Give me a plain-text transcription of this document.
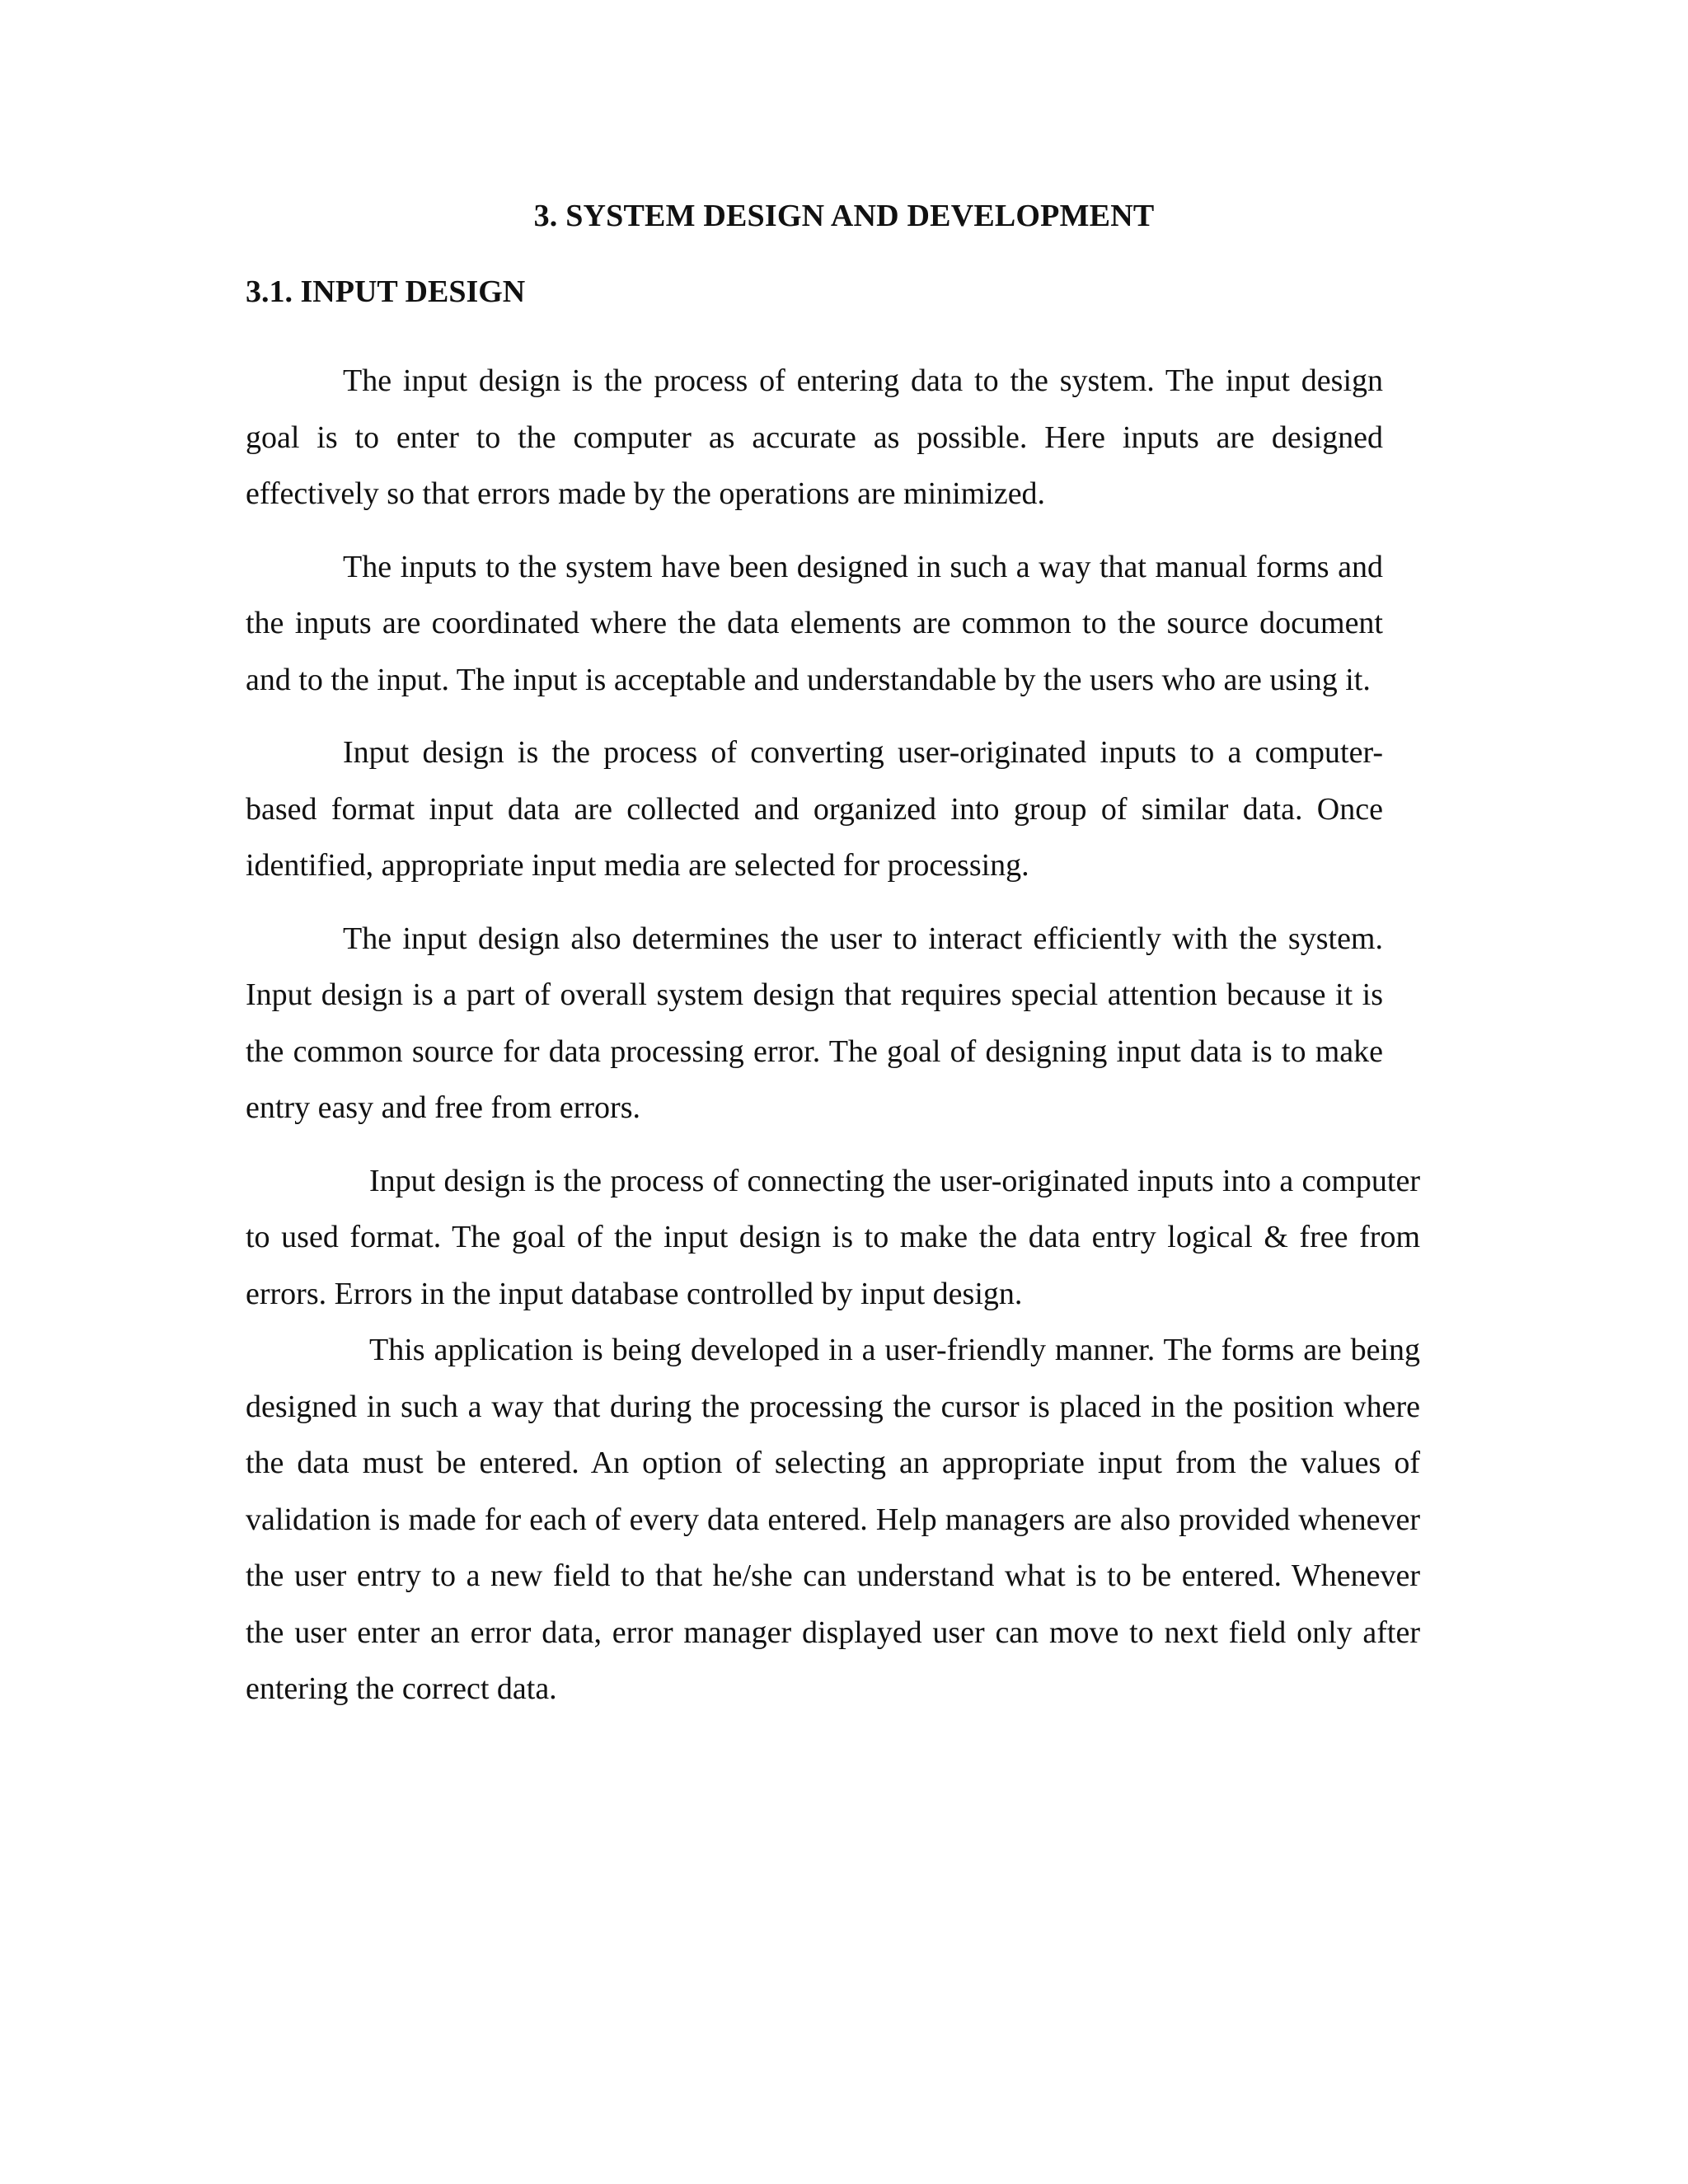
3. SYSTEM DESIGN AND DEVELOPMENT
3.1. INPUT DESIGN

The input design is the process of entering data to the system. The input design goal is to enter to the computer as accurate as possible. Here inputs are designed effectively so that errors made by the operations are minimized.

The inputs to the system have been designed in such a way that manual forms and the inputs are coordinated where the data elements are common to the source document and to the input. The input is acceptable and understandable by the users who are using it.

Input design is the process of converting user-originated inputs to a computer-based format input data are collected and organized into group of similar data. Once identified, appropriate input media are selected for processing.

The input design also determines the user to interact efficiently with the system. Input design is a part of overall system design that requires special attention because it is the common source for data processing error. The goal of designing input data is to make entry easy and free from errors.

Input design is the process of connecting the user-originated inputs into a computer to used format. The goal of the input design is to make the data entry logical & free from errors. Errors in the input database controlled by input design.

This application is being developed in a user-friendly manner. The forms are being designed in such a way that during the processing the cursor is placed in the position where the data must be entered. An option of selecting an appropriate input from the values of validation is made for each of every data entered. Help managers are also provided whenever the user entry to a new field to that he/she can understand what is to be entered. Whenever the user enter an error data, error manager displayed user can move to next field only after entering the correct data.
